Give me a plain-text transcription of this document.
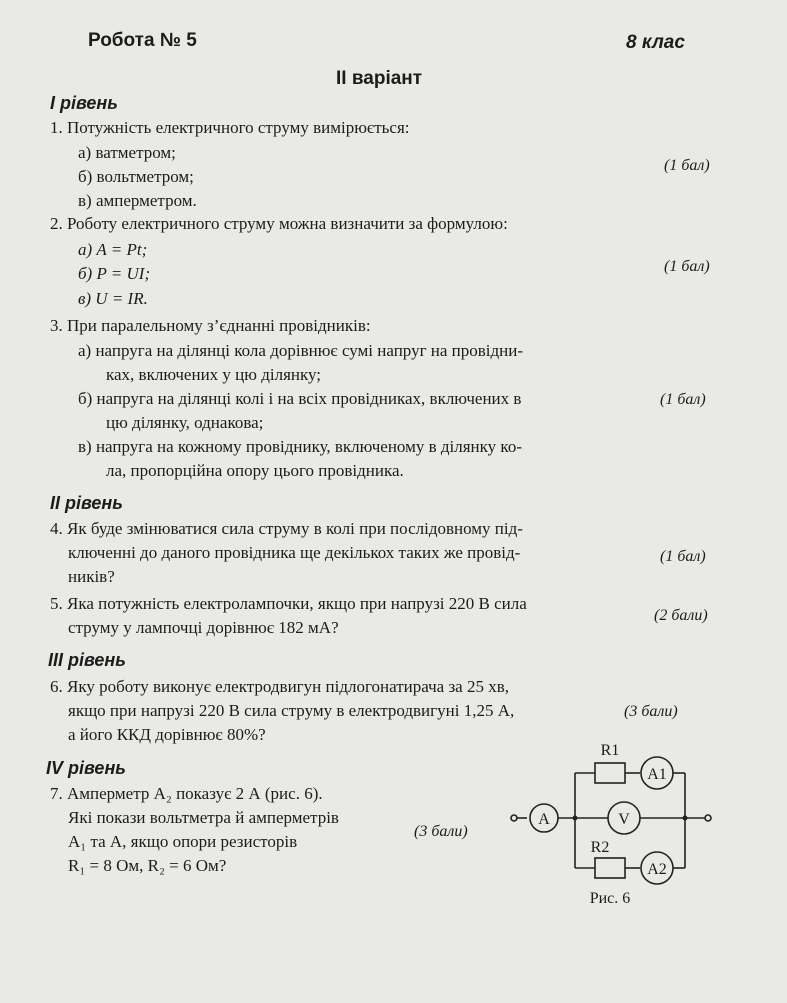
Робота № 5	8 клас
ІІ варіант
І рівень
1. Потужність електричного струму вимірюється:
а) ватметром;
б) вольтметром;
в) амперметром.
(1 бал)
2. Роботу електричного струму можна визначити за формулою:
а) A = Pt;
б) P = UI;
в) U = IR.
(1 бал)
3. При паралельному з’єднанні провідників:
а) напруга на ділянці кола дорівнює сумі напруг на провідни-
ках, включених у цю ділянку;
б) напруга на ділянці колі і на всіх провідниках, включених в
цю ділянку, однакова;
в) напруга на кожному провіднику, включеному в ділянку ко-
ла, пропорційна опору цього провідника.
(1 бал)
ІІ рівень
4. Як буде змінюватися сила струму в колі при послідовному під-
ключенні до даного провідника ще декількох таких же провід-
ників?
(1 бал)
5. Яка потужність електролампочки, якщо при напрузі 220 В сила
струму у лампочці дорівнює 182 мА?
(2 бали)
ІІІ рівень
6. Яку роботу виконує електродвигун підлогонатирача за 25 хв,
якщо при напрузі 220 В сила струму в електродвигуні 1,25 А,
а його ККД дорівнює 80%?
(3 бали)
IV рівень
7. Амперметр A₂ показує 2 А (рис. 6).
Які покази вольтметра й амперметрів
A₁ та A, якщо опори резисторів
R₁ = 8 Ом, R₂ = 6 Ом?
(3 бали)
R1
A
A1
V
R2
A2
Рис. 6
